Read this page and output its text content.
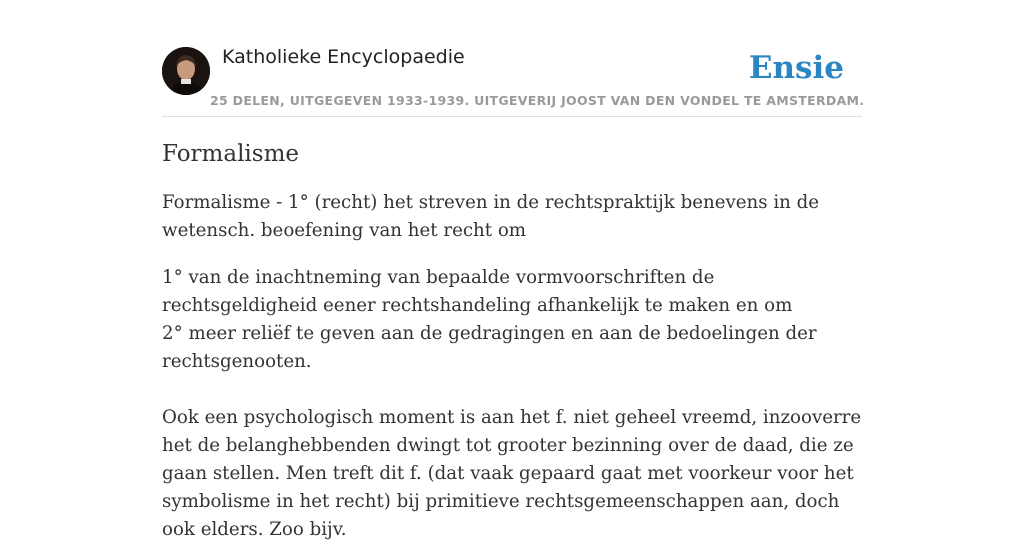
Katholieke Encyclopaedie	Ensie
25 DELEN, UITGEGEVEN 1933-1939. UITGEVERIJ JOOST VAN DEN VONDEL TE AMSTERDAM.
Formalisme
Formalisme - 1° (recht) het streven in de rechtspraktijk benevens in de wetensch. beoefening van het recht om
1° van de inachtneming van bepaalde vormvoorschriften de rechtsgeldigheid eener rechtshandeling afhankelijk te maken en om
2° meer reliëf te geven aan de gedragingen en aan de bedoelingen der rechtsgenooten.
Ook een psychologisch moment is aan het f. niet geheel vreemd, inzooverre het de belanghebbenden dwingt tot grooter bezinning over de daad, die ze gaan stellen. Men treft dit f. (dat vaak gepaard gaat met voorkeur voor het symbolisme in het recht) bij primitieve rechtsgemeenschappen aan, doch ook elders. Zoo bijv.
